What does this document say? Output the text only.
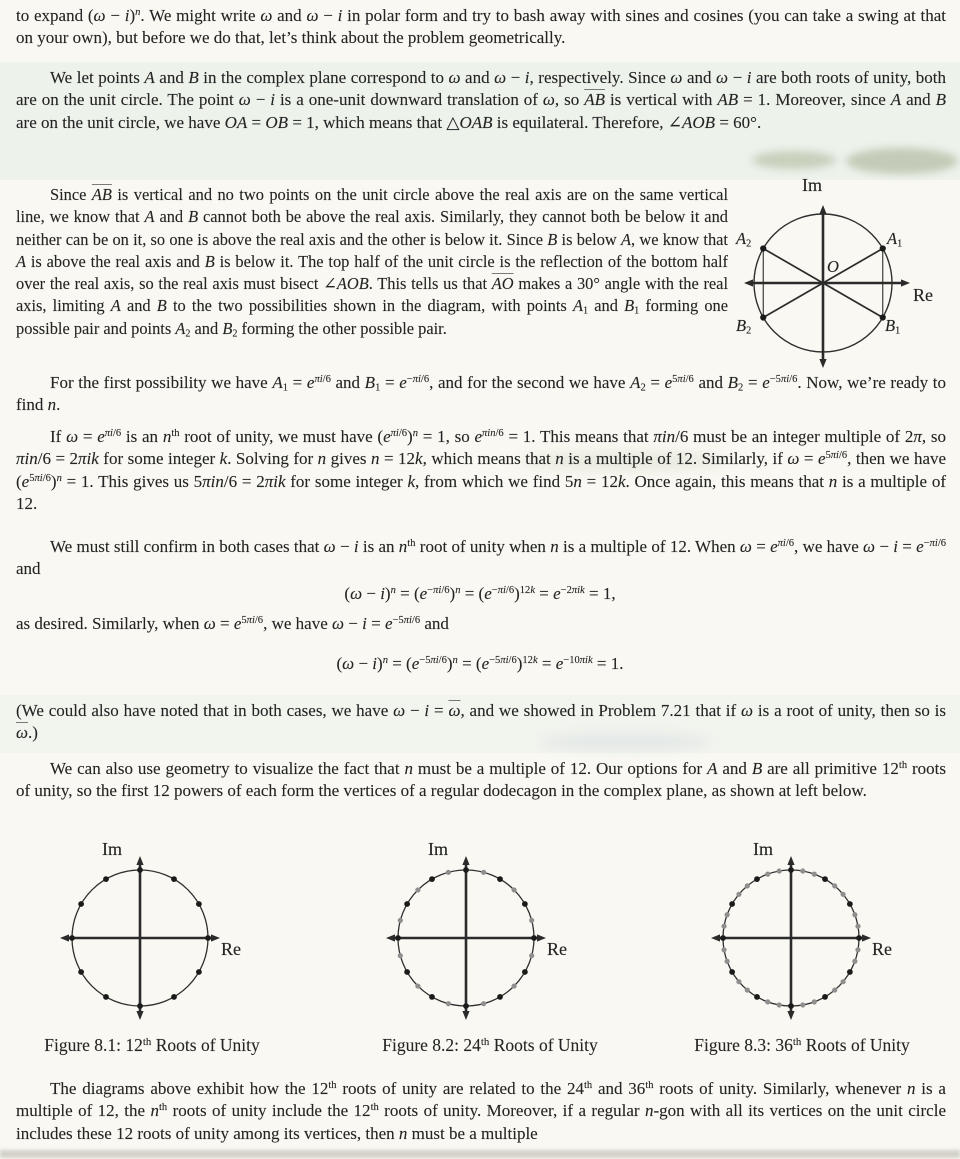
to expand $(\omega - i)^n$. We might write ω and ω − i in polar form and try to bash away with sines and cosines (you can take a swing at that on your own), but before we do that, let’s think about the problem geometrically.

We let points A and B in the complex plane correspond to ω and ω − i, respectively. Since ω and ω − i are both roots of unity, both are on the unit circle. The point ω − i is a one-unit downward translation of ω, so $\overline{AB}$ is vertical with AB = 1. Moreover, since A and B are on the unit circle, we have OA = OB = 1, which means that △OAB is equilateral. Therefore, ∠AOB = 60°.

Since $\overline{AB}$ is vertical and no two points on the unit circle above the real axis are on the same vertical line, we know that A and B cannot both be above the real axis. Similarly, they cannot both be below it and neither can be on it, so one is above the real axis and the other is below it. Since B is below A, we know that A is above the real axis and B is below it. The top half of the unit circle is the reflection of the bottom half over the real axis, so the real axis must bisect ∠AOB. This tells us that $\overline{AO}$ makes a 30° angle with the real axis, limiting A and B to the two possibilities shown in the diagram, with points $A_1$ and $B_1$ forming one possible pair and points $A_2$ and $B_2$ forming the other possible pair.

For the first possibility we have $A_1 = e^{\pi i/6}$ and $B_1 = e^{-\pi i/6}$, and for the second we have $A_2 = e^{5\pi i/6}$ and $B_2 = e^{-5\pi i/6}$. Now, we’re ready to find n.

If $\omega = e^{\pi i/6}$ is an $n^{th}$ root of unity, we must have $(e^{\pi i/6})^n = 1$, so $e^{\pi in/6} = 1$. This means that πin/6 must be an integer multiple of 2π, so πin/6 = 2πik for some integer k. Solving for n gives n = 12k, which means that n is a multiple of 12. Similarly, if $\omega = e^{5\pi i/6}$, then we have $(e^{5\pi i/6})^n = 1$. This gives us 5πin/6 = 2πik for some integer k, from which we find 5n = 12k. Once again, this means that n is a multiple of 12.

We must still confirm in both cases that ω − i is an $n^{th}$ root of unity when n is a multiple of 12. When $\omega = e^{\pi i/6}$, we have $\omega - i = e^{-\pi i/6}$ and

$(\omega - i)^n = (e^{-\pi i/6})^n = (e^{-\pi i/6})^{12k} = e^{-2\pi ik} = 1$,

as desired. Similarly, when $\omega = e^{5\pi i/6}$, we have $\omega - i = e^{-5\pi i/6}$ and

$(\omega - i)^n = (e^{-5\pi i/6})^n = (e^{-5\pi i/6})^{12k} = e^{-10\pi ik} = 1$.

(We could also have noted that in both cases, we have $\omega - i = \overline{\omega}$, and we showed in Problem 7.21 that if ω is a root of unity, then so is $\overline{\omega}$.)

We can also use geometry to visualize the fact that n must be a multiple of 12. Our options for A and B are all primitive 12th roots of unity, so the first 12 powers of each form the vertices of a regular dodecagon in the complex plane, as shown at left below.

The diagrams above exhibit how the 12th roots of unity are related to the 24th and 36th roots of unity. Similarly, whenever n is a multiple of 12, the $n^{th}$ roots of unity include the 12th roots of unity. Moreover, if a regular n-gon with all its vertices on the unit circle includes these 12 roots of unity among its vertices, then n must be a multiple

Im
Re
O
$A_2$	$A_1$
$B_2$	$B_1$
Im
Re
Im
Re
Im
Re

Figure 8.1: 12th Roots of Unity	Figure 8.2: 24th Roots of Unity	Figure 8.3: 36th Roots of Unity
